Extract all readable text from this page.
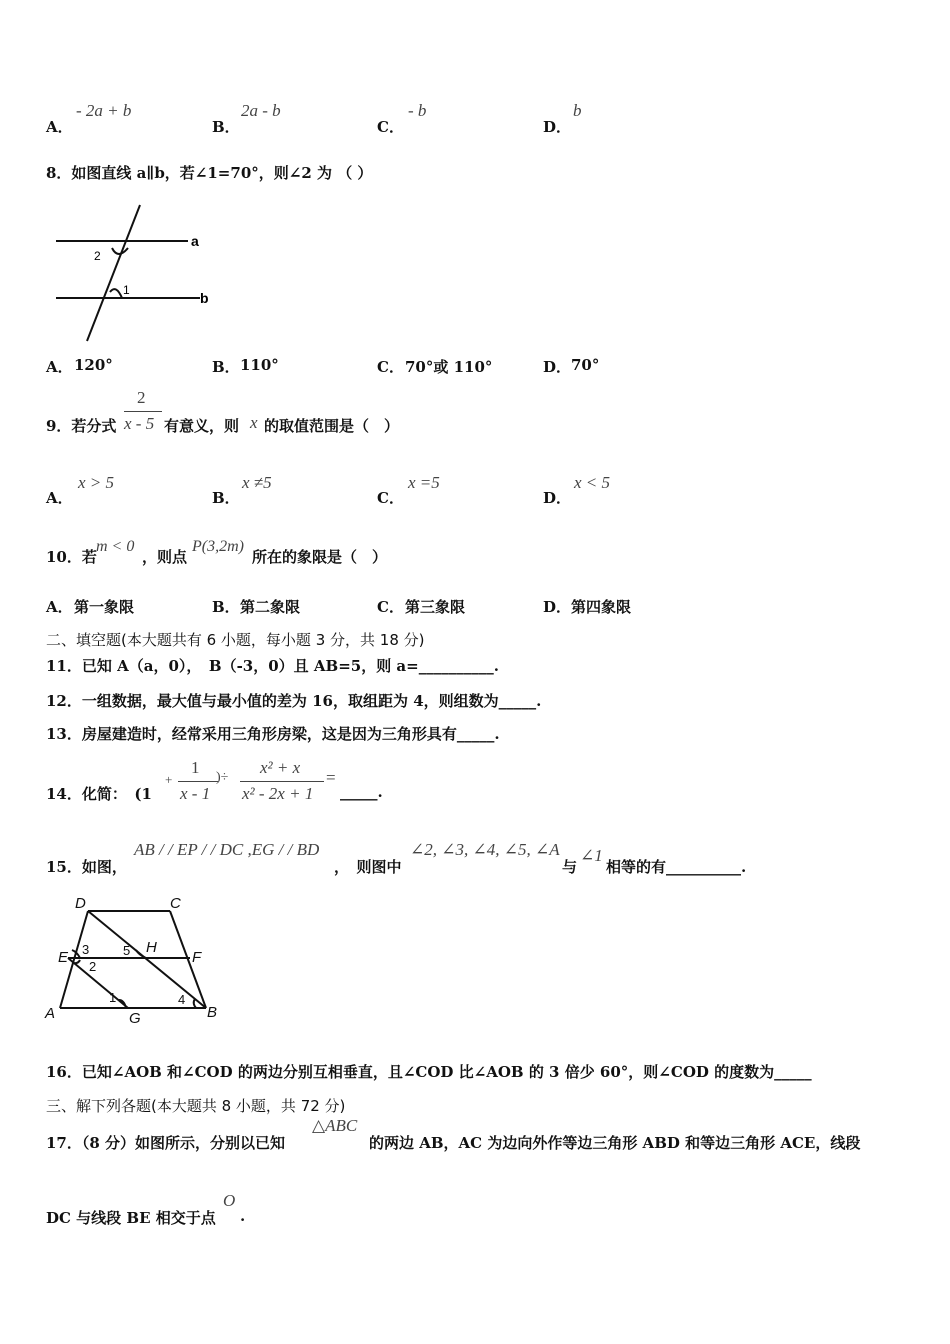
A．
- 2a + b
B．
2a - b
C．
- b
D．
b
8．如图直线 a∥b，若∠1=70°，则∠2 为 （ ）
a
b
1
2
A． 120°	B． 110°	C． 70°或 110°	D． 70°
9．若分式
2
x - 5 有意义，则 x 的取值范围是（　）
A．
x > 5
B．
x ≠5
C．
x =5
D．
x < 5
10．若
m < 0
，则点
P(3,2m)
所在的象限是（　）
A． 第一象限	B． 第二象限	C． 第三象限	D． 第四象限
二、填空题(本大题共有 6 小题，每小题 3 分，共 18 分)
11．已知 A（a，0），　B（-3，0）且 AB=5，则 a=__________.
12．一组数据，最大值与最小值的差为 16，取组距为 4，则组数为_____.
13．房屋建造时，经常采用三角形房梁，这是因为三角形具有_____.
14．化简：　(1
+
1
x - 1
)÷
x² + x
x² - 2x + 1
=
_____.
15．如图，
AB / / EP / / DC ,EG / / BD
，　则图中
∠2, ∠3, ∠4, ∠5, ∠A
与
∠1
相等的有__________.
D	C
E	F
H
A	G	B
1
2
3
4
5
16．已知∠AOB 和∠COD 的两边分别互相垂直，且∠COD 比∠AOB 的 3 倍少 60°，则∠COD 的度数为_____
三、解下列各题(本大题共 8 小题，共 72 分)
17．（8 分）如图所示，分别以已知
△ABC
的两边 AB，AC 为边向外作等边三角形 ABD 和等边三角形 ACE，线段
DC 与线段 BE 相交于点
O
.
